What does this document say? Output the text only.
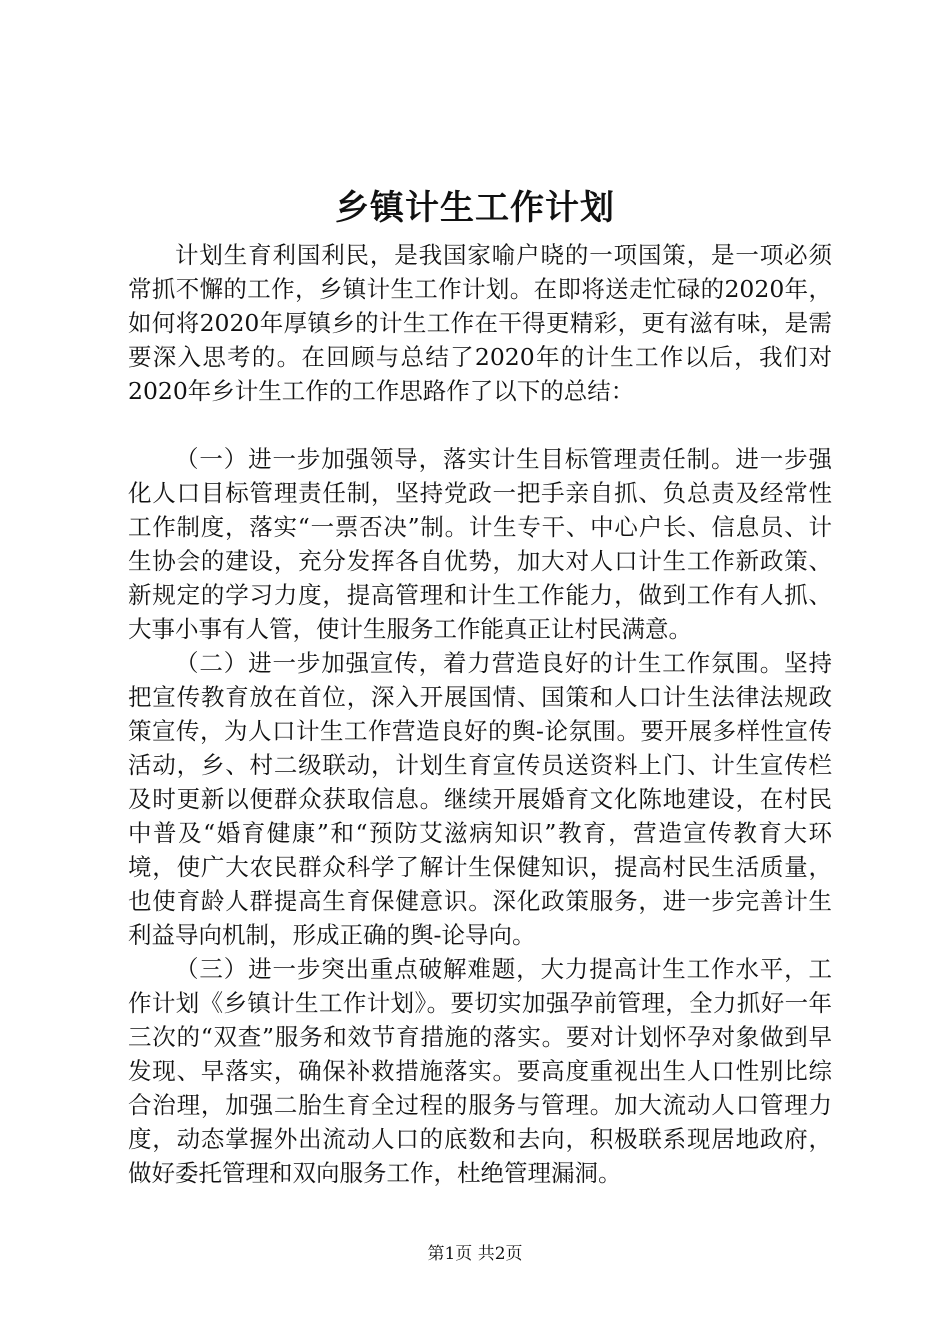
乡镇计生工作计划

计划生育利国利民，是我国家喻户晓的一项国策，是一项必须常抓不懈的工作，乡镇计生工作计划。在即将送走忙碌的2020年，如何将2020年厚镇乡的计生工作在干得更精彩，更有滋有味，是需要深入思考的。在回顾与总结了2020年的计生工作以后，我们对2020年乡计生工作的工作思路作了以下的总结：

（一）进一步加强领导，落实计生目标管理责任制。进一步强化人口目标管理责任制，坚持党政一把手亲自抓、负总责及经常性工作制度，落实“一票否决”制。计生专干、中心户长、信息员、计生协会的建设，充分发挥各自优势，加大对人口计生工作新政策、新规定的学习力度，提高管理和计生工作能力，做到工作有人抓、大事小事有人管，使计生服务工作能真正让村民满意。

（二）进一步加强宣传，着力营造良好的计生工作氛围。坚持把宣传教育放在首位，深入开展国情、国策和人口计生法律法规政策宣传，为人口计生工作营造良好的舆-论氛围。要开展多样性宣传活动，乡、村二级联动，计划生育宣传员送资料上门、计生宣传栏及时更新以便群众获取信息。继续开展婚育文化陈地建设，在村民中普及“婚育健康”和“预防艾滋病知识”教育，营造宣传教育大环境，使广大农民群众科学了解计生保健知识，提高村民生活质量，也使育龄人群提高生育保健意识。深化政策服务，进一步完善计生利益导向机制，形成正确的舆-论导向。

（三）进一步突出重点破解难题，大力提高计生工作水平，工作计划《乡镇计生工作计划》。要切实加强孕前管理，全力抓好一年三次的“双查”服务和效节育措施的落实。要对计划怀孕对象做到早发现、早落实，确保补救措施落实。要高度重视出生人口性别比综合治理，加强二胎生育全过程的服务与管理。加大流动人口管理力度，动态掌握外出流动人口的底数和去向，积极联系现居地政府，做好委托管理和双向服务工作，杜绝管理漏洞。

第1页 共2页
